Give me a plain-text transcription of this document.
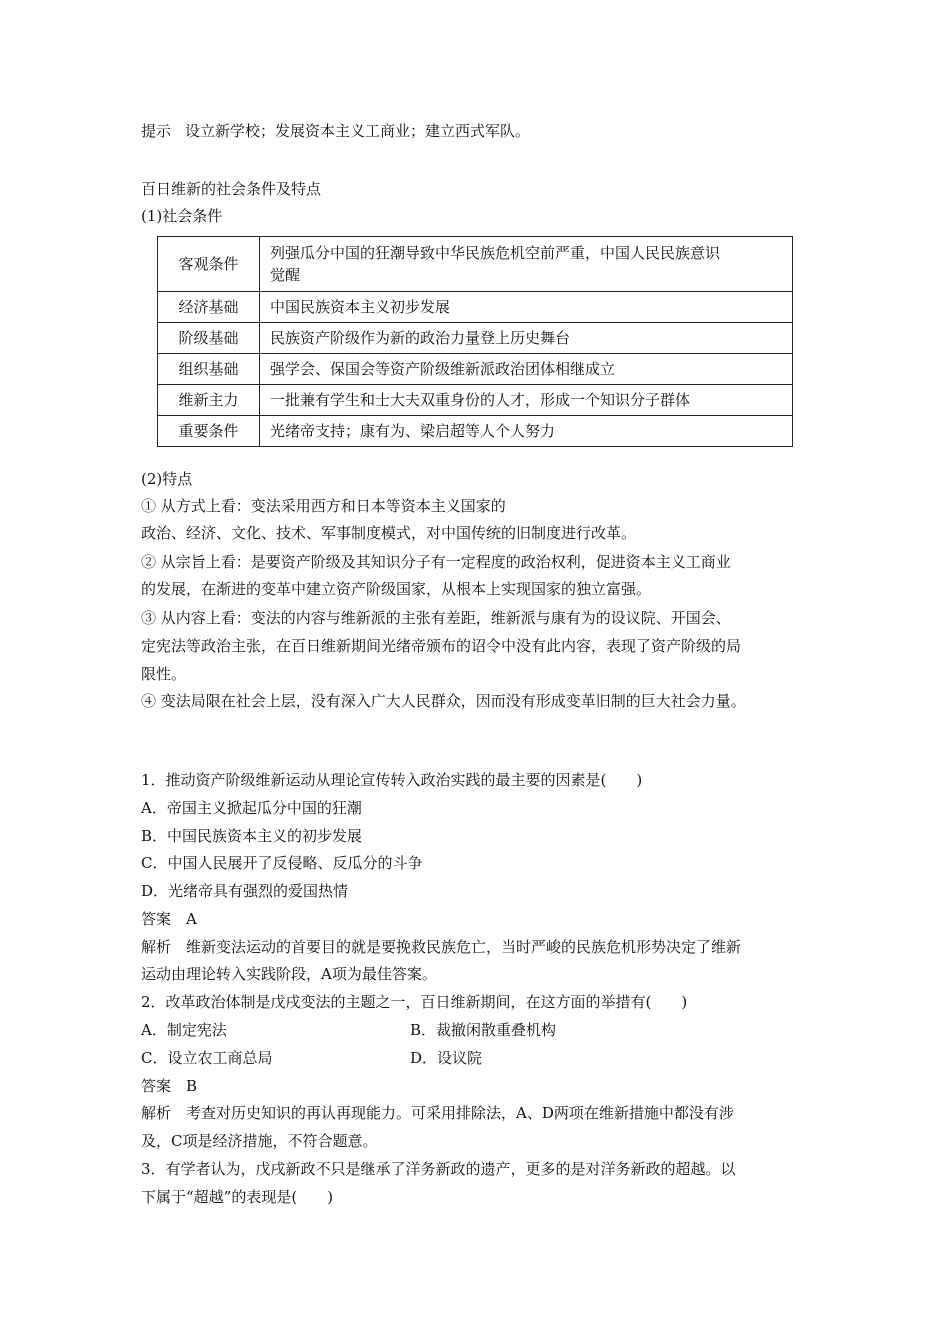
提示 设立新学校；发展资本主义工商业；建立西式军队。
百日维新的社会条件及特点
(1)社会条件
客观条件	列强瓜分中国的狂潮导致中华民族危机空前严重，中国人民民族意识
觉醒
经济基础	中国民族资本主义初步发展
阶级基础	民族资产阶级作为新的政治力量登上历史舞台
组织基础	强学会、保国会等资产阶级维新派政治团体相继成立
维新主力	一批兼有学生和士大夫双重身份的人才，形成一个知识分子群体
重要条件	光绪帝支持；康有为、梁启超等人个人努力
(2)特点
① 从方式上看：变法采用西方和日本等资本主义国家的
政治、经济、文化、技术、军事制度模式，对中国传统的旧制度进行改革。
② 从宗旨上看：是要资产阶级及其知识分子有一定程度的政治权利，促进资本主义工商业
的发展，在渐进的变革中建立资产阶级国家，从根本上实现国家的独立富强。
③ 从内容上看：变法的内容与维新派的主张有差距，维新派与康有为的设议院、开国会、
定宪法等政治主张，在百日维新期间光绪帝颁布的诏令中没有此内容，表现了资产阶级的局
限性。
④ 变法局限在社会上层，没有深入广大人民群众，因而没有形成变革旧制的巨大社会力量。
1．推动资产阶级维新运动从理论宣传转入政治实践的最主要的因素是(　　)
A．帝国主义掀起瓜分中国的狂潮
B．中国民族资本主义的初步发展
C．中国人民展开了反侵略、反瓜分的斗争
D．光绪帝具有强烈的爱国热情
答案　A
解析　维新变法运动的首要目的就是要挽救民族危亡，当时严峻的民族危机形势决定了维新
运动由理论转入实践阶段，A项为最佳答案。
2．改革政治体制是戊戌变法的主题之一，百日维新期间，在这方面的举措有(　　)
A．制定宪法	B．裁撤闲散重叠机构
C．设立农工商总局	D．设议院
答案　B
解析　考查对历史知识的再认再现能力。可采用排除法，A、D两项在维新措施中都没有涉
及，C项是经济措施，不符合题意。
3．有学者认为，戊戌新政不只是继承了洋务新政的遗产，更多的是对洋务新政的超越。以
下属于“超越”的表现是(　　)
